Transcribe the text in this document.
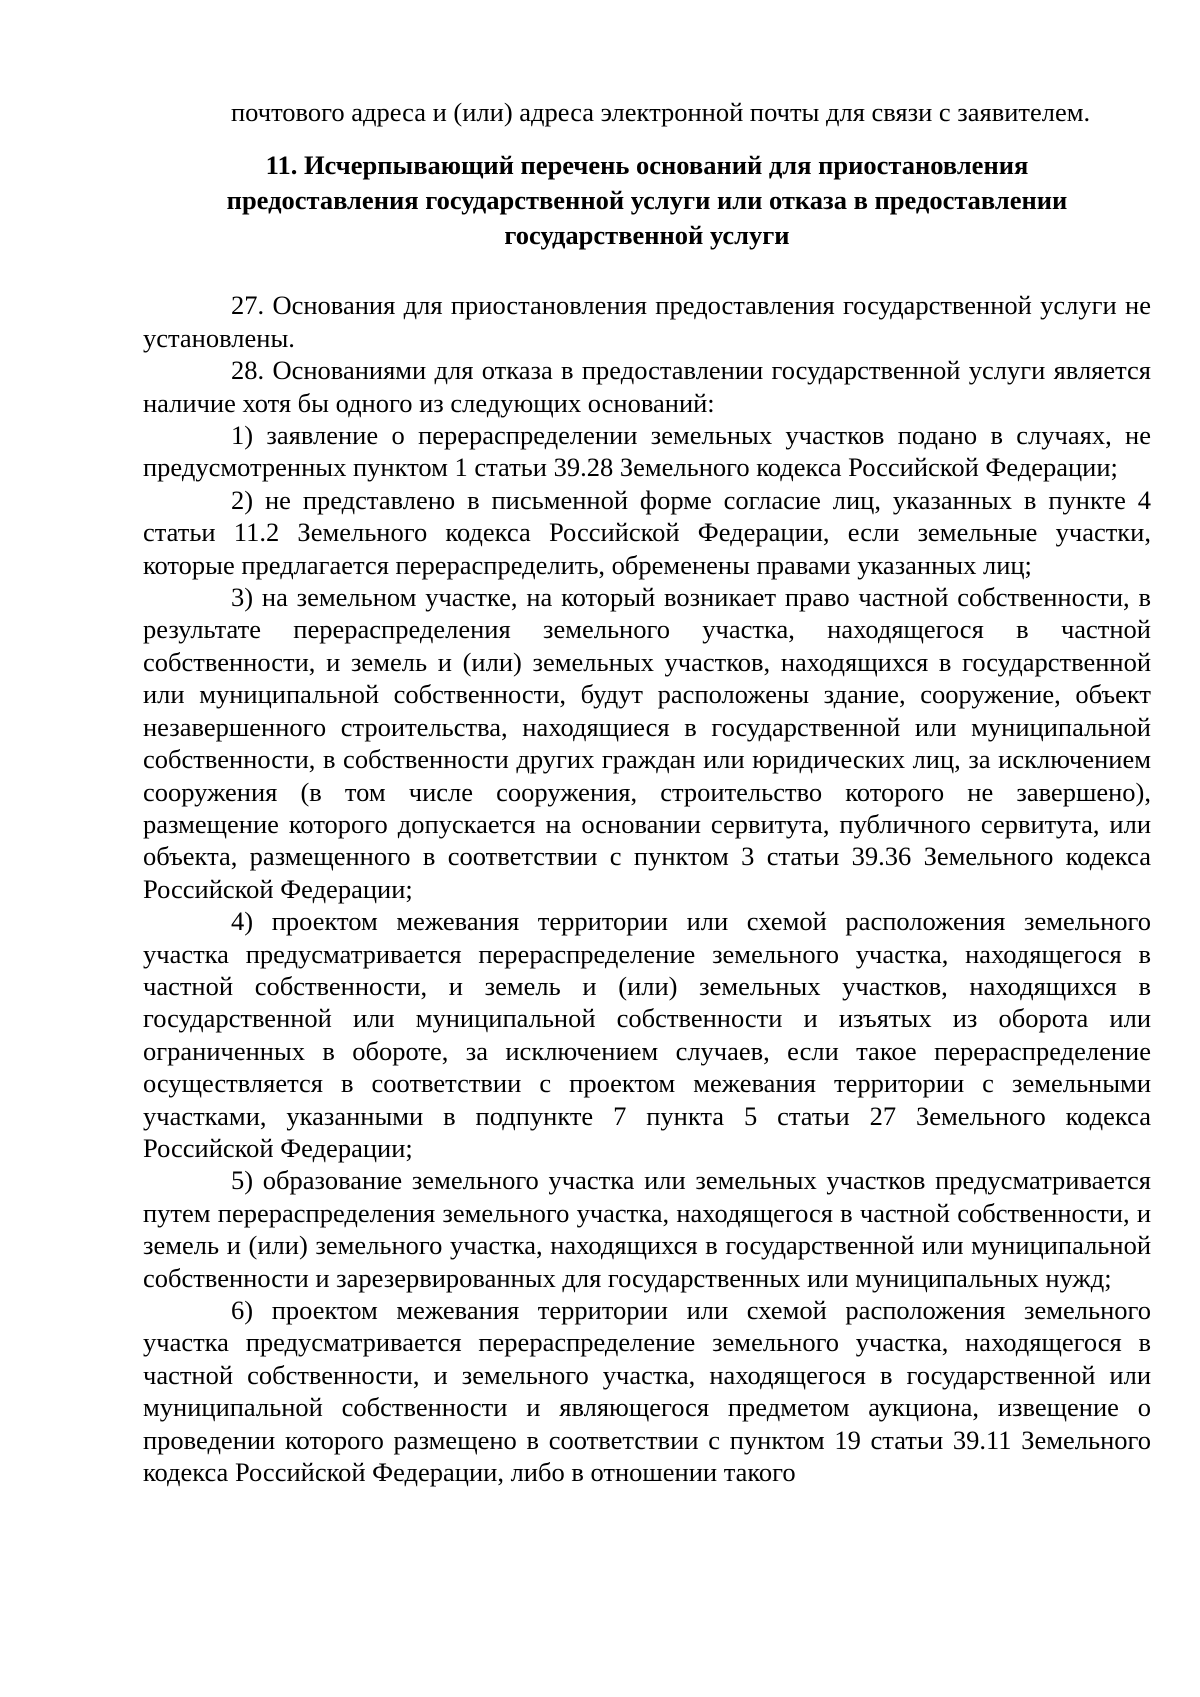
почтового адреса и (или) адреса электронной почты для связи с заявителем.

11. Исчерпывающий перечень оснований для приостановления предоставления государственной услуги или отказа в предоставлении государственной услуги

27. Основания для приостановления предоставления государственной услуги не установлены.

28. Основаниями для отказа в предоставлении государственной услуги является наличие хотя бы одного из следующих оснований:

1) заявление о перераспределении земельных участков подано в случаях, не предусмотренных пунктом 1 статьи 39.28 Земельного кодекса Российской Федерации;

2) не представлено в письменной форме согласие лиц, указанных в пункте 4 статьи 11.2 Земельного кодекса Российской Федерации, если земельные участки, которые предлагается перераспределить, обременены правами указанных лиц;

3) на земельном участке, на который возникает право частной собственности, в результате перераспределения земельного участка, находящегося в частной собственности, и земель и (или) земельных участков, находящихся в государственной или муниципальной собственности, будут расположены здание, сооружение, объект незавершенного строительства, находящиеся в государственной или муниципальной собственности, в собственности других граждан или юридических лиц, за исключением сооружения (в том числе сооружения, строительство которого не завершено), размещение которого допускается на основании сервитута, публичного сервитута, или объекта, размещенного в соответствии с пунктом 3 статьи 39.36 Земельного кодекса Российской Федерации;

4) проектом межевания территории или схемой расположения земельного участка предусматривается перераспределение земельного участка, находящегося в частной собственности, и земель и (или) земельных участков, находящихся в государственной или муниципальной собственности и изъятых из оборота или ограниченных в обороте, за исключением случаев, если такое перераспределение осуществляется в соответствии с проектом межевания территории с земельными участками, указанными в подпункте 7 пункта 5 статьи 27 Земельного кодекса Российской Федерации;

5) образование земельного участка или земельных участков предусматривается путем перераспределения земельного участка, находящегося в частной собственности, и земель и (или) земельного участка, находящихся в государственной или муниципальной собственности и зарезервированных для государственных или муниципальных нужд;

6) проектом межевания территории или схемой расположения земельного участка предусматривается перераспределение земельного участка, находящегося в частной собственности, и земельного участка, находящегося в государственной или муниципальной собственности и являющегося предметом аукциона, извещение о проведении которого размещено в соответствии с пунктом 19 статьи 39.11 Земельного кодекса Российской Федерации, либо в отношении такого
